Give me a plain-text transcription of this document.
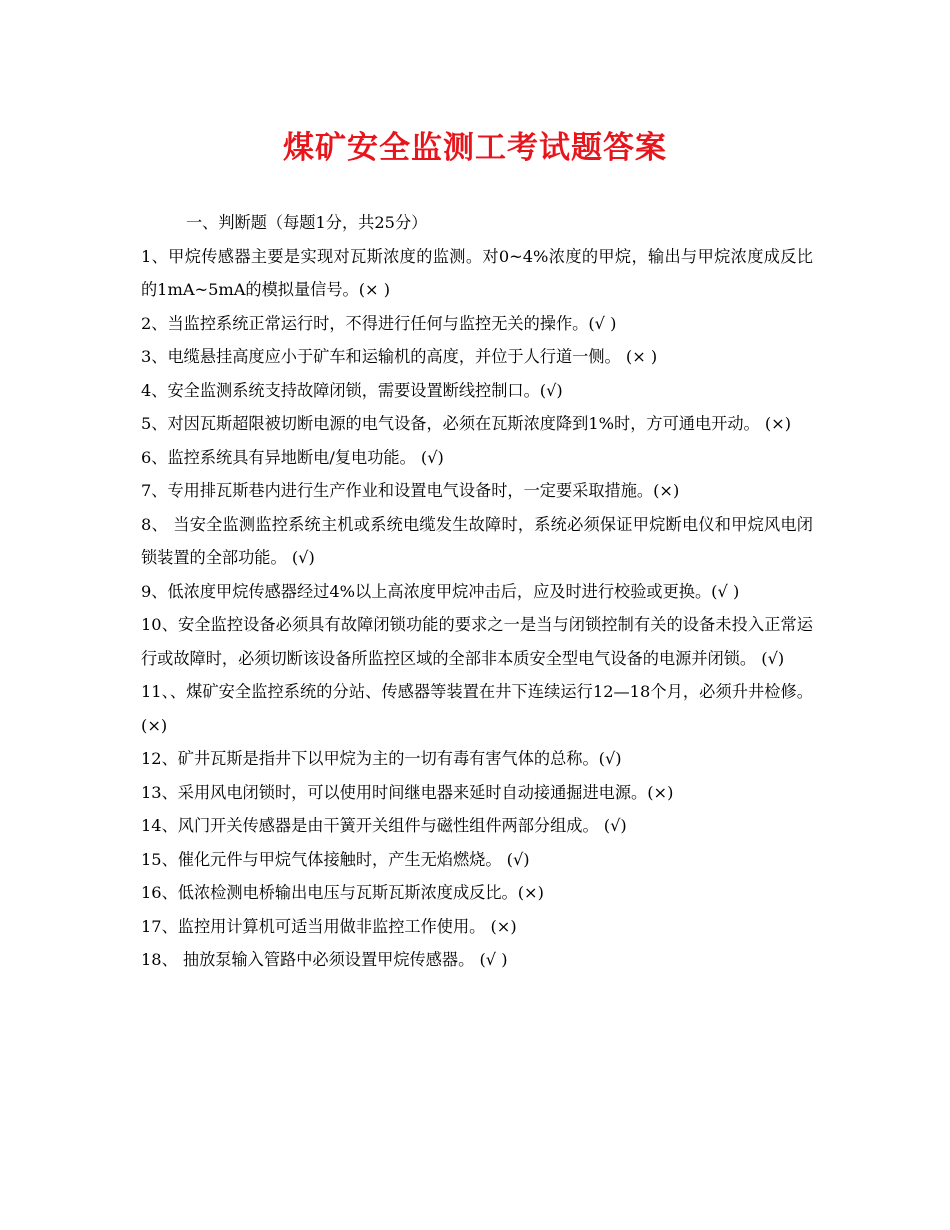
煤矿安全监测工考试题答案

一、判断题（每题1分，共25分）

1、甲烷传感器主要是实现对瓦斯浓度的监测。对0~4%浓度的甲烷，输出与甲烷浓度成反比的1mA~5mA的模拟量信号。(× )

2、当监控系统正常运行时，不得进行任何与监控无关的操作。(√ )

3、电缆悬挂高度应小于矿车和运输机的高度，并位于人行道一侧。 (× )

4、安全监测系统支持故障闭锁，需要设置断线控制口。(√)

5、对因瓦斯超限被切断电源的电气设备，必须在瓦斯浓度降到1%时，方可通电开动。 (×)

6、监控系统具有异地断电/复电功能。 (√)

7、专用排瓦斯巷内进行生产作业和设置电气设备时，一定要采取措施。(×)

8、 当安全监测监控系统主机或系统电缆发生故障时，系统必须保证甲烷断电仪和甲烷风电闭锁装置的全部功能。 (√)

9、低浓度甲烷传感器经过4%以上高浓度甲烷冲击后，应及时进行校验或更换。(√ )

10、安全监控设备必须具有故障闭锁功能的要求之一是当与闭锁控制有关的设备未投入正常运行或故障时，必须切断该设备所监控区域的全部非本质安全型电气设备的电源并闭锁。 (√)

11、、煤矿安全监控系统的分站、传感器等装置在井下连续运行12—18个月，必须升井检修。(×)

12、矿井瓦斯是指井下以甲烷为主的一切有毒有害气体的总称。(√)

13、采用风电闭锁时，可以使用时间继电器来延时自动接通掘进电源。(×)

14、风门开关传感器是由干簧开关组件与磁性组件两部分组成。 (√)

15、催化元件与甲烷气体接触时，产生无焰燃烧。 (√)

16、低浓检测电桥输出电压与瓦斯瓦斯浓度成反比。(×)

17、监控用计算机可适当用做非监控工作使用。 (×)

18、 抽放泵输入管路中必须设置甲烷传感器。 (√ )
